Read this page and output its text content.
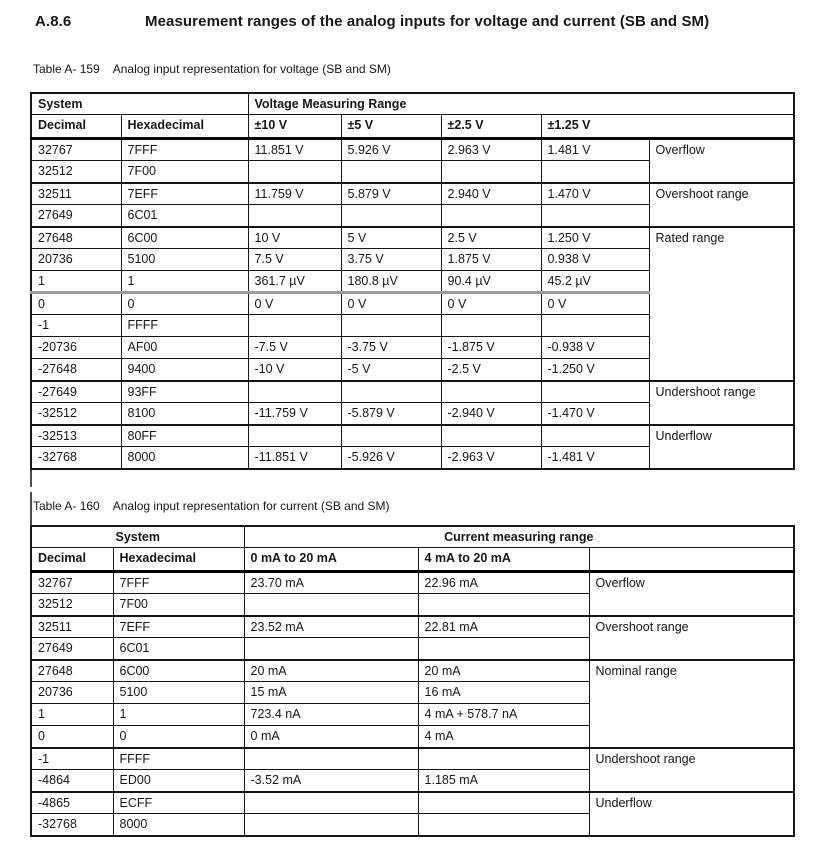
A.8.6	Measurement ranges of the analog inputs for voltage and current (SB and SM)
Table A- 159 Analog input representation for voltage (SB and SM)
System		Voltage Measuring Range				
Decimal	Hexadecimal	±10 V	±5 V	±2.5 V	±1.25 V	
32767	7FFF	11.851 V	5.926 V	2.963 V	1.481 V	Overflow
32512	7F00					
32511	7EFF	11.759 V	5.879 V	2.940 V	1.470 V	Overshoot range
27649	6C01					
27648	6C00	10 V	5 V	2.5 V	1.250 V	Rated range
20736	5100	7.5 V	3.75 V	1.875 V	0.938 V	
1	1	361.7 µV	180.8 µV	90.4 µV	45.2 µV	
0	0	0 V	0 V	0 V	0 V	
-1	FFFF					
-20736	AF00	-7.5 V	-3.75 V	-1.875 V	-0.938 V	
-27648	9400	-10 V	-5 V	-2.5 V	-1.250 V	
-27649	93FF					Undershoot range
-32512	8100	-11.759 V	-5.879 V	-2.940 V	-1.470 V	
-32513	80FF					Underflow
-32768	8000	-11.851 V	-5.926 V	-2.963 V	-1.481 V	
Table A- 160 Analog input representation for current (SB and SM)
System		Current measuring range		
Decimal	Hexadecimal	0 mA to 20 mA	4 mA to 20 mA	
32767	7FFF	23.70 mA	22.96 mA	Overflow
32512	7F00			
32511	7EFF	23.52 mA	22.81 mA	Overshoot range
27649	6C01			
27648	6C00	20 mA	20 mA	Nominal range
20736	5100	15 mA	16 mA	
1	1	723.4 nA	4 mA + 578.7 nA	
0	0	0 mA	4 mA	
-1	FFFF			Undershoot range
-4864	ED00	-3.52 mA	1.185 mA	
-4865	ECFF			Underflow
-32768	8000			
